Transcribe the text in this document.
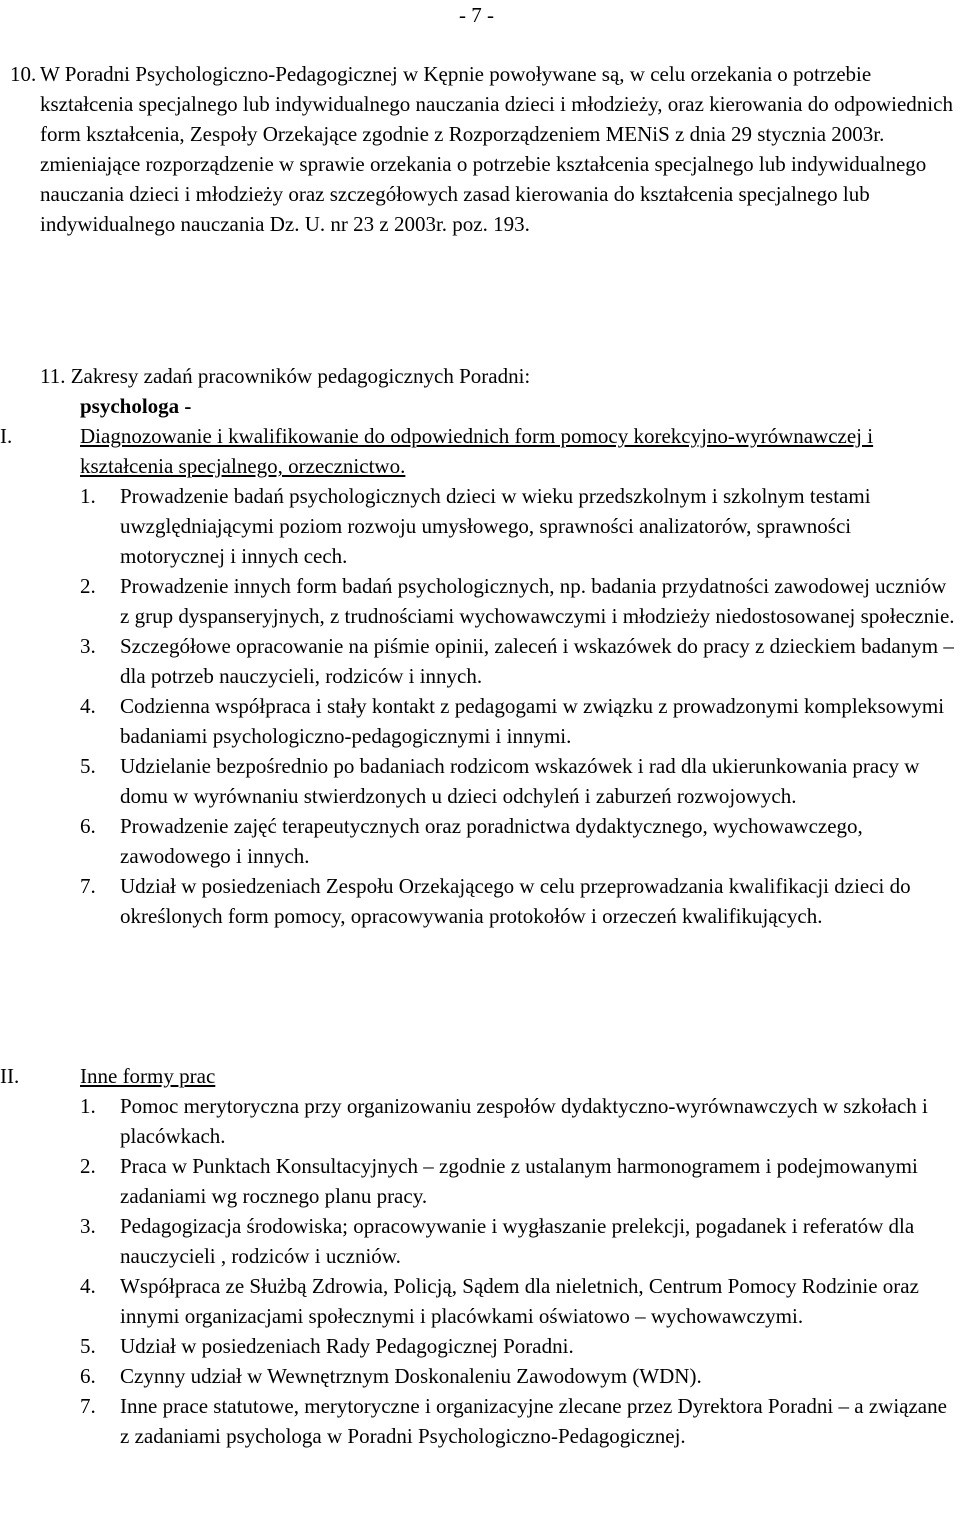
- 7 -
10. W Poradni Psychologiczno-Pedagogicznej w Kępnie powoływane są, w celu orzekania o potrzebie kształcenia specjalnego lub indywidualnego nauczania dzieci i młodzieży, oraz kierowania do odpowiednich form kształcenia, Zespoły Orzekające zgodnie z Rozporządzeniem MENiS z dnia 29 stycznia 2003r. zmieniające rozporządzenie w sprawie orzekania o potrzebie kształcenia specjalnego lub indywidualnego nauczania dzieci i młodzieży oraz szczegółowych zasad kierowania do kształcenia specjalnego lub indywidualnego nauczania Dz. U. nr 23 z 2003r. poz. 193.
11. Zakresy zadań pracowników pedagogicznych Poradni:
psychologa -
I.	Diagnozowanie i kwalifikowanie do odpowiednich form pomocy korekcyjno-wyrównawczej i kształcenia specjalnego, orzecznictwo.
1. Prowadzenie badań psychologicznych dzieci w wieku przedszkolnym i szkolnym testami uwzględniającymi poziom rozwoju umysłowego, sprawności analizatorów, sprawności motorycznej i innych cech.
2. Prowadzenie innych form badań psychologicznych, np. badania przydatności zawodowej uczniów z grup dyspanseryjnych, z trudnościami wychowawczymi i młodzieży niedostosowanej społecznie.
3. Szczegółowe opracowanie na piśmie opinii, zaleceń i wskazówek do pracy z dzieckiem badanym – dla potrzeb nauczycieli, rodziców i innych.
4. Codzienna współpraca i stały kontakt z pedagogami w związku z prowadzonymi kompleksowymi badaniami psychologiczno-pedagogicznymi i innymi.
5. Udzielanie bezpośrednio po badaniach rodzicom wskazówek i rad dla ukierunkowania pracy w domu w wyrównaniu stwierdzonych u dzieci odchyleń i zaburzeń rozwojowych.
6. Prowadzenie zajęć terapeutycznych oraz poradnictwa dydaktycznego, wychowawczego, zawodowego i innych.
7. Udział w posiedzeniach Zespołu Orzekającego w celu przeprowadzania kwalifikacji dzieci do określonych form pomocy, opracowywania protokołów i orzeczeń kwalifikujących.
II.	Inne formy prac
1. Pomoc merytoryczna przy organizowaniu zespołów dydaktyczno-wyrównawczych w szkołach i placówkach.
2. Praca w Punktach Konsultacyjnych – zgodnie z ustalanym harmonogramem i podejmowanymi zadaniami wg rocznego planu pracy.
3. Pedagogizacja środowiska; opracowywanie i wygłaszanie prelekcji, pogadanek i referatów dla nauczycieli , rodziców i uczniów.
4. Współpraca ze Służbą Zdrowia, Policją, Sądem dla nieletnich, Centrum Pomocy Rodzinie oraz innymi organizacjami społecznymi i placówkami oświatowo – wychowawczymi.
5. Udział w posiedzeniach Rady Pedagogicznej Poradni.
6. Czynny udział w Wewnętrznym Doskonaleniu Zawodowym (WDN).
7. Inne prace statutowe, merytoryczne i organizacyjne zlecane przez Dyrektora Poradni – a związane z zadaniami psychologa w Poradni Psychologiczno-Pedagogicznej.
